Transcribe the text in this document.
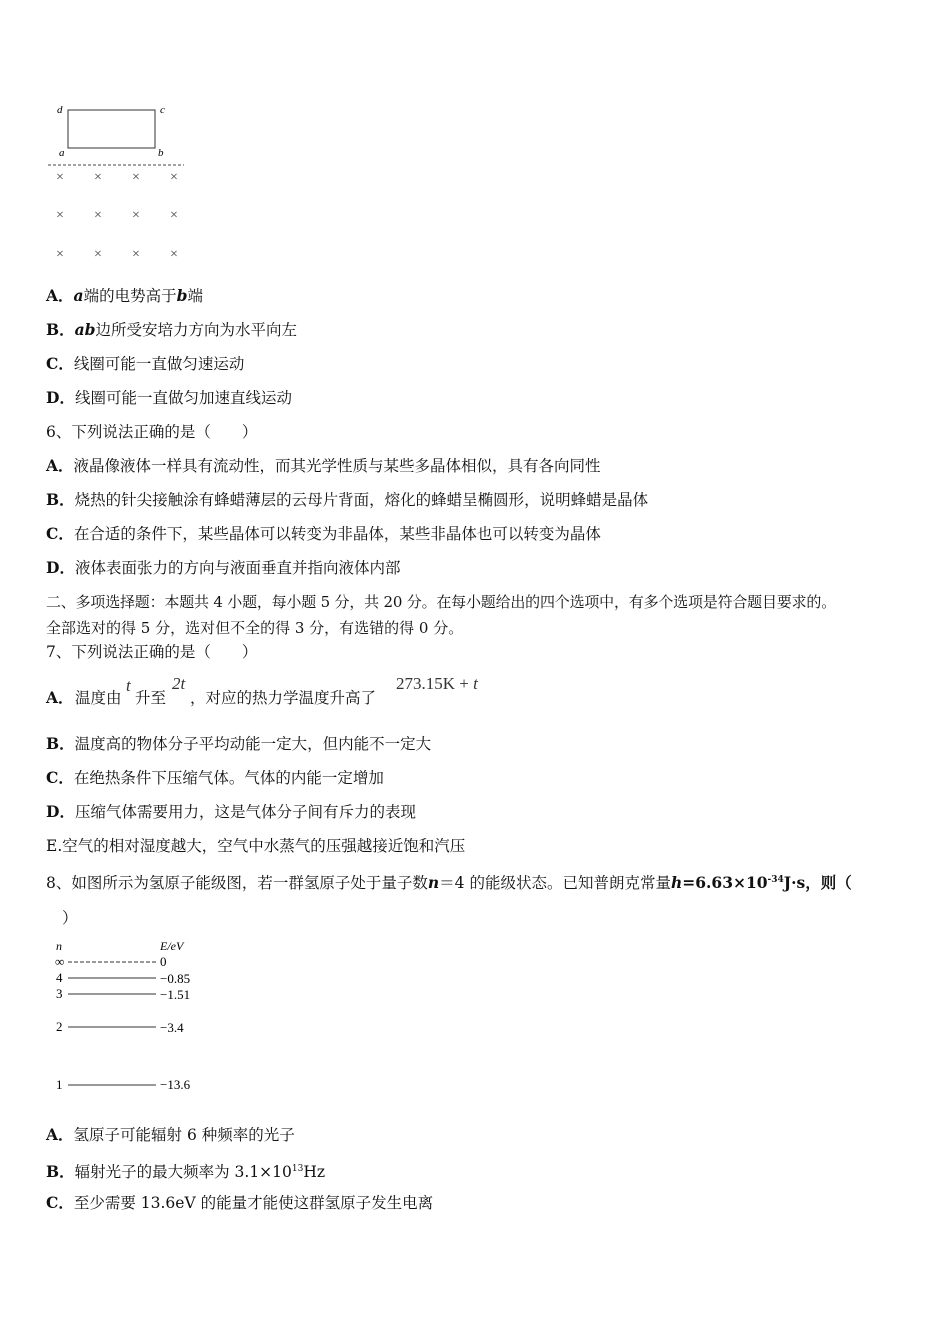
d	c
a	b
× × × ×
× × × ×
× × × ×
A．a端的电势高于b端
B．ab边所受安培力方向为水平向左
C．线圈可能一直做匀速运动
D．线圈可能一直做匀加速直线运动
6、下列说法正确的是（　　）
A．液晶像液体一样具有流动性，而其光学性质与某些多晶体相似，具有各向同性
B．烧热的针尖接触涂有蜂蜡薄层的云母片背面，熔化的蜂蜡呈椭圆形，说明蜂蜡是晶体
C．在合适的条件下，某些晶体可以转变为非晶体，某些非晶体也可以转变为晶体
D．液体表面张力的方向与液面垂直并指向液体内部
二、多项选择题：本题共 4 小题，每小题 5 分，共 20 分。在每小题给出的四个选项中，有多个选项是符合题目要求的。
全部选对的得 5 分，选对但不全的得 3 分，有选错的得 0 分。
7、下列说法正确的是（　　）
A． 温度由
t
升至
2t
，对应的热力学温度升高了
273.15K + t
B．温度高的物体分子平均动能一定大，但内能不一定大
C．在绝热条件下压缩气体。气体的内能一定增加
D．压缩气体需要用力，这是气体分子间有斥力的表现
E.空气的相对湿度越大，空气中水蒸气的压强越接近饱和汽压
8、如图所示为氢原子能级图，若一群氢原子处于量子数n＝4 的能级状态。已知普朗克常量$h=6.63\times 10^{-34}J\cdot s$，则（
）
n	E/eV
∞	0
4	−0.85
3	−1.51
2	−3.4
1	−13.6
A．氢原子可能辐射 6 种频率的光子
B．辐射光子的最大频率为 $3.1\times 10^{13}Hz$
C．至少需要 13.6eV 的能量才能使这群氢原子发生电离
